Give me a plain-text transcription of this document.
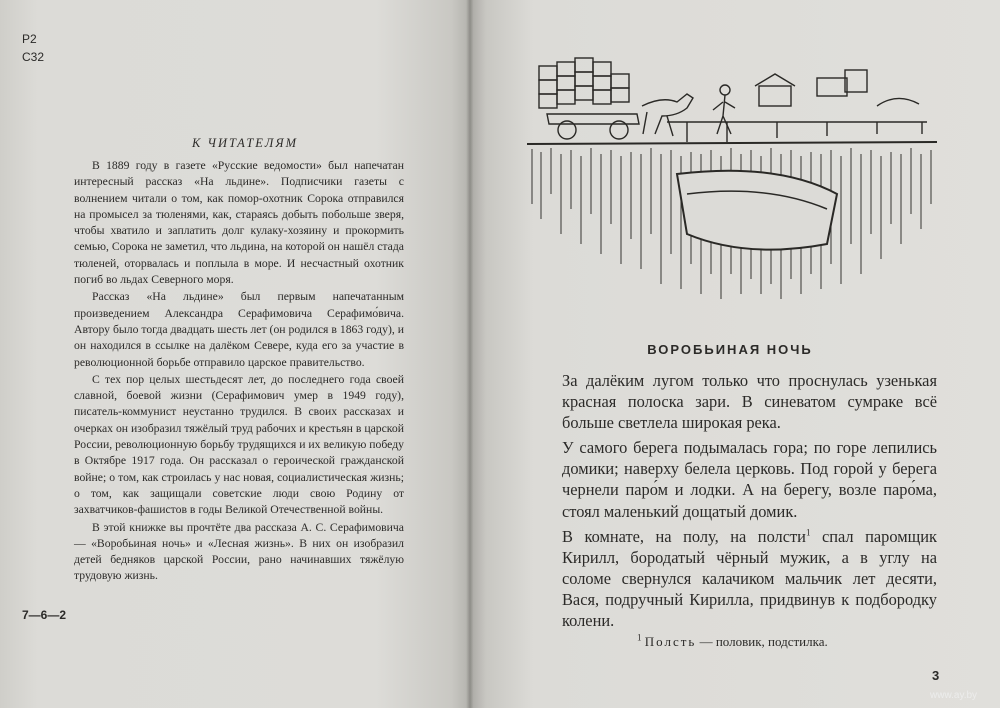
Р2
С32
К ЧИТАТЕЛЯМ

В 1889 году в газете «Русские ведомости» был напечатан интересный рассказ «На льдине». Подписчики газеты с волнением читали о том, как помор-охотник Сорока отправился на промысел за тюленями, как, стараясь добыть побольше зверя, чтобы хватило и заплатить долг кулаку-хозяину и прокормить семью, Сорока не заметил, что льдина, на которой он нашёл стада тюленей, оторвалась и поплыла в море. И несчастный охотник погиб во льдах Северного моря.

Рассказ «На льдине» был первым напечатанным произведением Александра Серафимовича Серафимо́вича. Автору было тогда двадцать шесть лет (он родился в 1863 году), и он находился в ссылке на далёком Севере, куда его за участие в революционной борьбе отправило царское правительство.

С тех пор целых шестьдесят лет, до последнего года своей славной, боевой жизни (Серафимович умер в 1949 году), писатель-коммунист неустанно трудился. В своих рассказах и очерках он изобразил тяжёлый труд рабочих и крестьян в царской России, революционную борьбу трудящихся и их великую победу в Октябре 1917 года. Он рассказал о героической гражданской войне; о том, как строилась у нас новая, социалистическая жизнь; о том, как защищали советские люди свою Родину от захватчиков-фашистов в годы Великой Отечественной войны.

В этой книжке вы прочтёте два рассказа А. С. Серафимовича — «Воробьиная ночь» и «Лесная жизнь». В них он изобразил детей бедняков царской России, рано начинавших тяжёлую трудовую жизнь.

7—6—2
ВОРОБЬИНАЯ НОЧЬ

За далёким лугом только что проснулась узенькая красная полоска зари. В синеватом сумраке всё больше светлела широкая река.

У самого берега подымалась гора; по горе лепились домики; наверху белела церковь. Под горой у берега чернели паро́м и лодки. А на берегу, возле паро́ма, стоял маленький дощатый домик.

В комнате, на полу, на полсти$^1$ спал паромщик Кирилл, бородатый чёрный мужик, а в углу на соломе свернулся калачиком мальчик лет десяти, Вася, подручный Кирилла, придвинув к подбородку колени.

$^1$ Полсть — половик, подстилка.
3
www.ay.by
